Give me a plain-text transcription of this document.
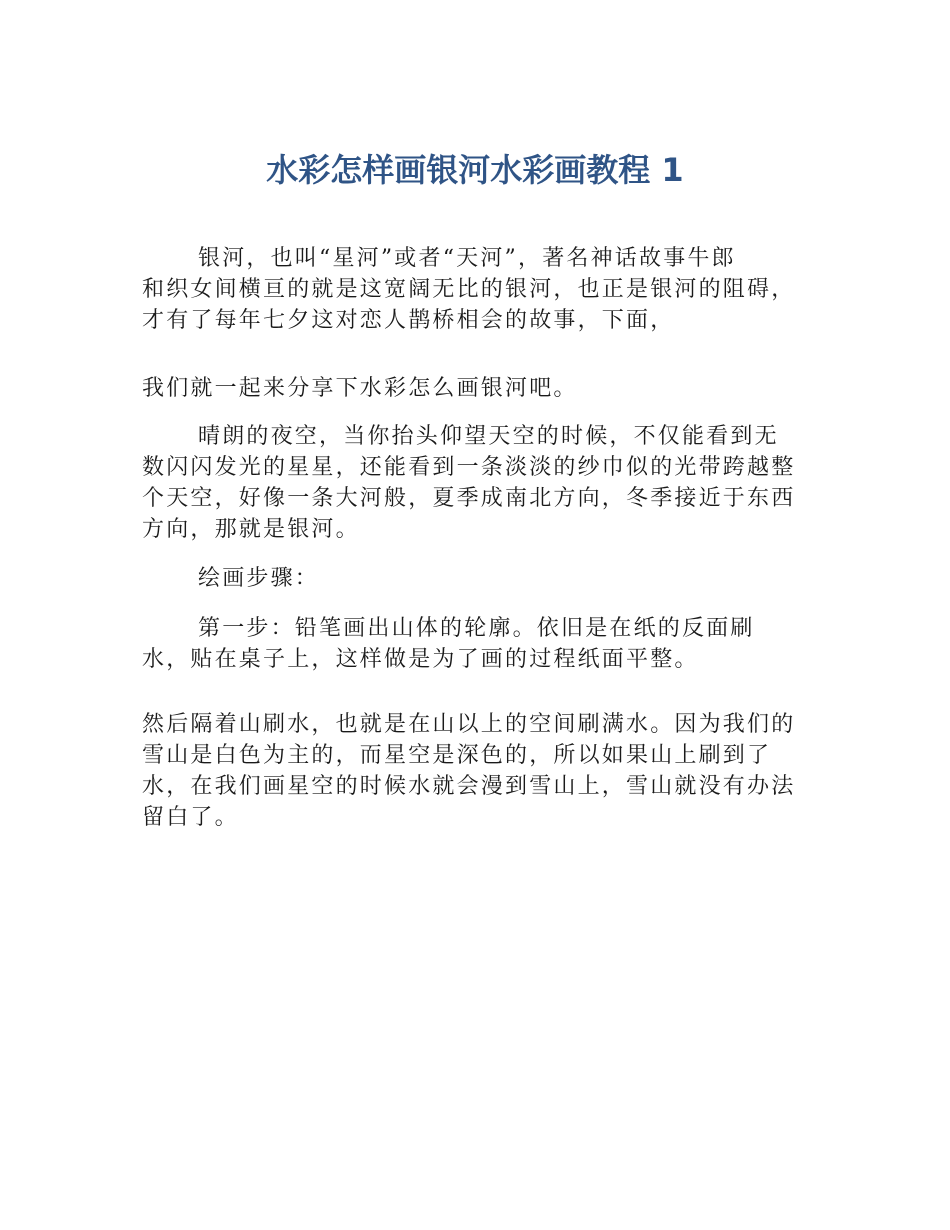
水彩怎样画银河水彩画教程 1

银河，也叫“星河”或者“天河”，著名神话故事牛郎
和织女间横亘的就是这宽阔无比的银河，也正是银河的阻碍，
才有了每年七夕这对恋人鹊桥相会的故事，下面，

我们就一起来分享下水彩怎么画银河吧。

晴朗的夜空，当你抬头仰望天空的时候，不仅能看到无
数闪闪发光的星星，还能看到一条淡淡的纱巾似的光带跨越整
个天空，好像一条大河般，夏季成南北方向，冬季接近于东西
方向，那就是银河。

绘画步骤：

第一步：铅笔画出山体的轮廓。依旧是在纸的反面刷
水，贴在桌子上，这样做是为了画的过程纸面平整。

然后隔着山刷水，也就是在山以上的空间刷满水。因为我们的
雪山是白色为主的，而星空是深色的，所以如果山上刷到了
水，在我们画星空的时候水就会漫到雪山上，雪山就没有办法
留白了。
